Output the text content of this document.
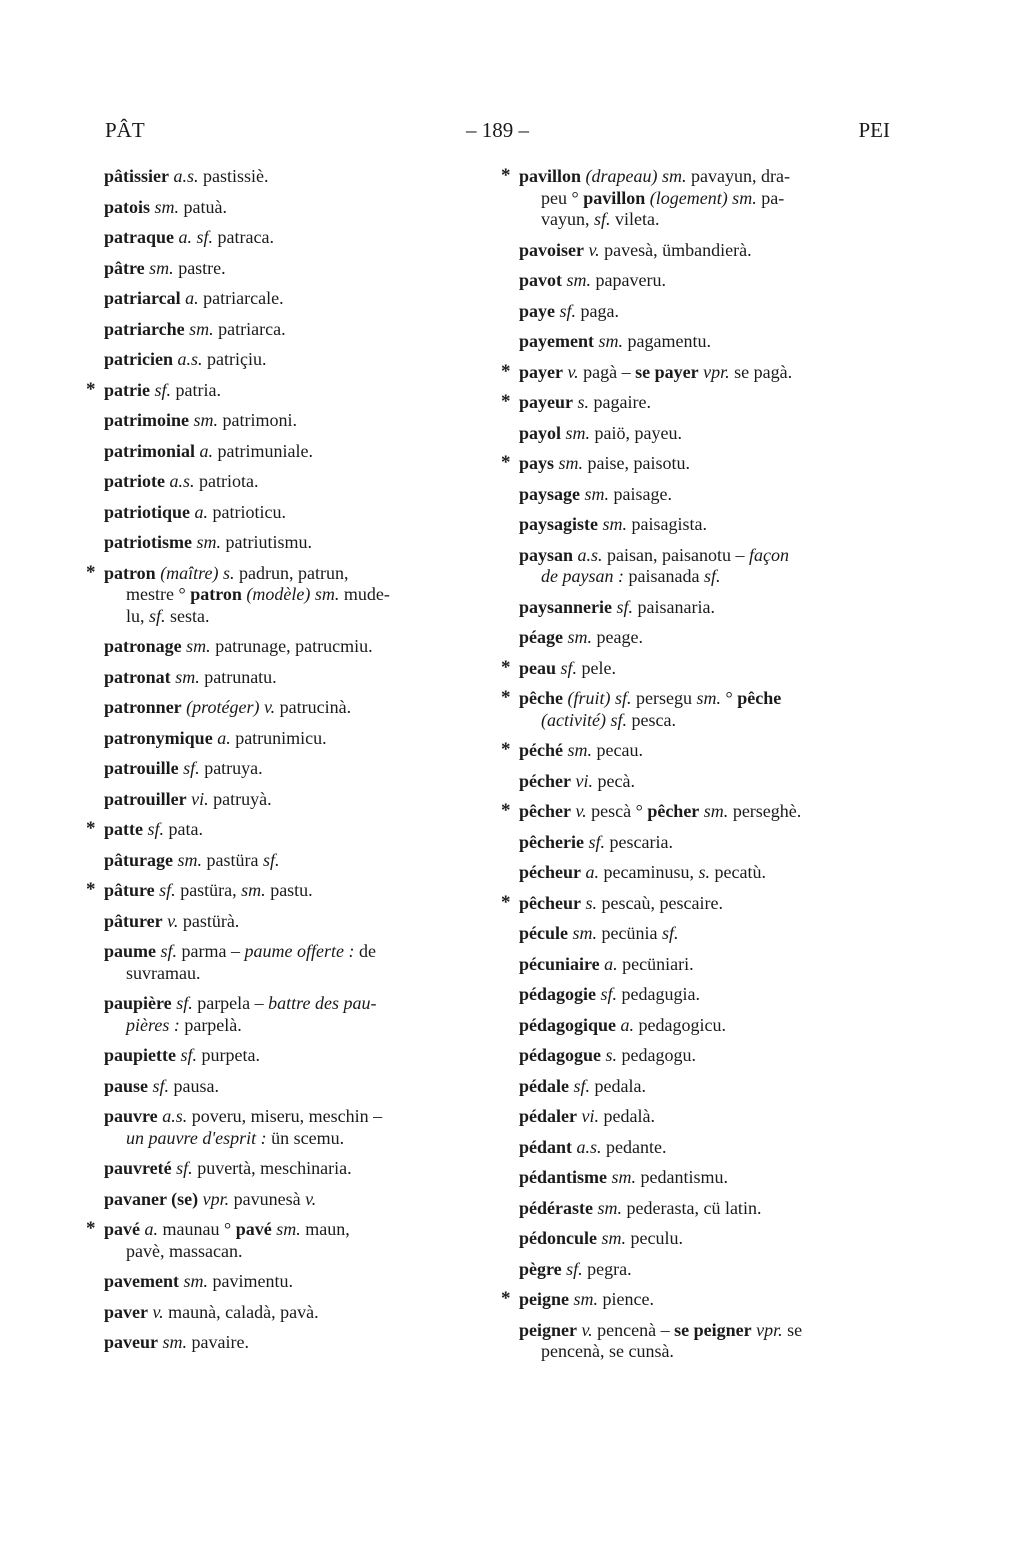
PÂT	– 189 –	PEI
pâtissier a.s. pastissiè.
patois sm. patuà.
patraque a. sf. patraca.
pâtre sm. pastre.
patriarcal a. patriarcale.
patriarche sm. patriarca.
patricien a.s. patriçiu.
* patrie sf. patria.
patrimoine sm. patrimoni.
patrimonial a. patrimuniale.
patriote a.s. patriota.
patriotique a. patrioticu.
patriotisme sm. patriutismu.
* patron (maître) s. padrun, patrun,
mestre ° patron (modèle) sm. mude-
lu, sf. sesta.
patronage sm. patrunage, patrucmiu.
patronat sm. patrunatu.
patronner (protéger) v. patrucinà.
patronymique a. patrunimicu.
patrouille sf. patruya.
patrouiller vi. patruyà.
* patte sf. pata.
pâturage sm. pastüra sf.
* pâture sf. pastüra, sm. pastu.
pâturer v. pastürà.
paume sf. parma – paume offerte : de
suvramau.
paupière sf. parpela – battre des pau-
pières : parpelà.
paupiette sf. purpeta.
pause sf. pausa.
pauvre a.s. poveru, miseru, meschin –
un pauvre d'esprit : ün scemu.
pauvreté sf. puvertà, meschinaria.
pavaner (se) vpr. pavunesà v.
* pavé a. maunau ° pavé sm. maun,
pavè, massacan.
pavement sm. pavimentu.
paver v. maunà, caladà, pavà.
paveur sm. pavaire.
* pavillon (drapeau) sm. pavayun, dra-
peu ° pavillon (logement) sm. pa-
vayun, sf. vileta.
pavoiser v. pavesà, ümbandierà.
pavot sm. papaveru.
paye sf. paga.
payement sm. pagamentu.
* payer v. pagà – se payer vpr. se pagà.
* payeur s. pagaire.
payol sm. paiö, payeu.
* pays sm. paise, paisotu.
paysage sm. paisage.
paysagiste sm. paisagista.
paysan a.s. paisan, paisanotu – façon
de paysan : paisanada sf.
paysannerie sf. paisanaria.
péage sm. peage.
* peau sf. pele.
* pêche (fruit) sf. persegu sm. ° pêche
(activité) sf. pesca.
* péché sm. pecau.
pécher vi. pecà.
* pêcher v. pescà ° pêcher sm. perseghè.
pêcherie sf. pescaria.
pécheur a. pecaminusu, s. pecatù.
* pêcheur s. pescaù, pescaire.
pécule sm. pecünia sf.
pécuniaire a. pecüniari.
pédagogie sf. pedagugia.
pédagogique a. pedagogicu.
pédagogue s. pedagogu.
pédale sf. pedala.
pédaler vi. pedalà.
pédant a.s. pedante.
pédantisme sm. pedantismu.
pédéraste sm. pederasta, cü latin.
pédoncule sm. peculu.
pègre sf. pegra.
* peigne sm. pience.
peigner v. pencenà – se peigner vpr. se
pencenà, se cunsà.
